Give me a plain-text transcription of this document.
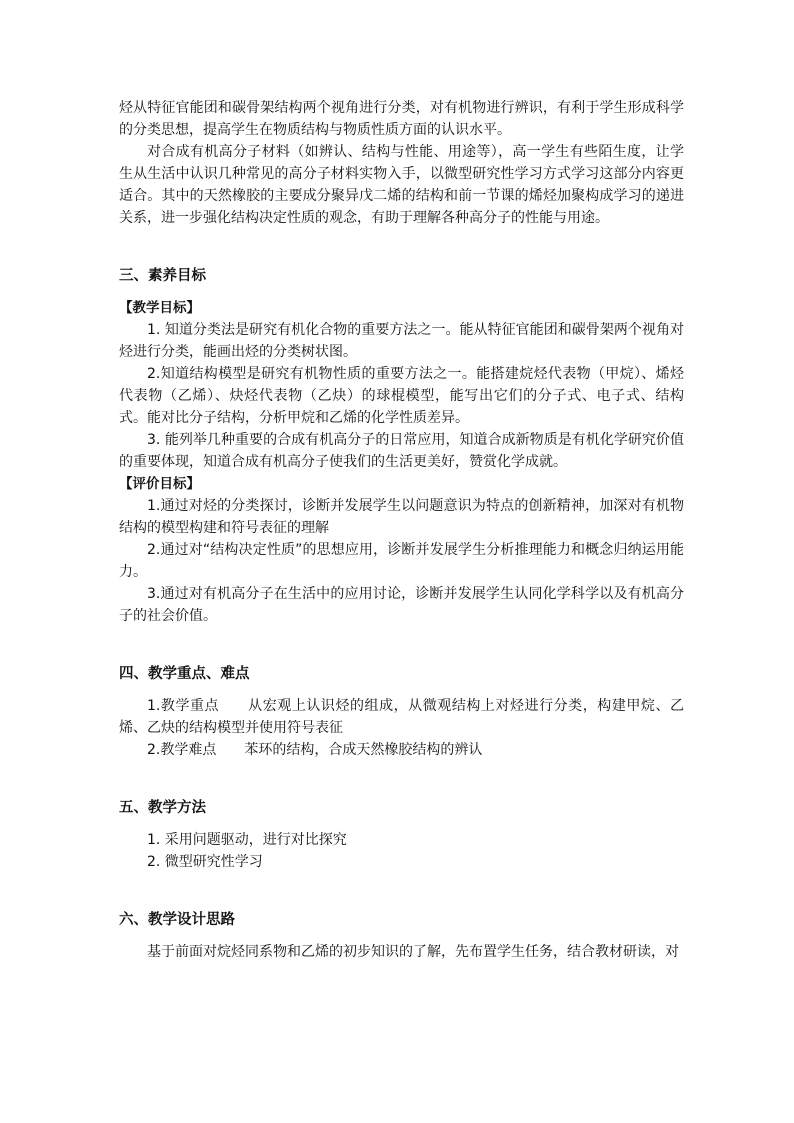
烃从特征官能团和碳骨架结构两个视角进行分类，对有机物进行辨识，有利于学生形成科学的分类思想，提高学生在物质结构与物质性质方面的认识水平。

对合成有机高分子材料（如辨认、结构与性能、用途等），高一学生有些陌生度，让学生从生活中认识几种常见的高分子材料实物入手，以微型研究性学习方式学习这部分内容更适合。其中的天然橡胶的主要成分聚异戊二烯的结构和前一节课的烯烃加聚构成学习的递进关系，进一步强化结构决定性质的观念，有助于理解各种高分子的性能与用途。

三、素养目标

【教学目标】

1. 知道分类法是研究有机化合物的重要方法之一。能从特征官能团和碳骨架两个视角对烃进行分类，能画出烃的分类树状图。

2.知道结构模型是研究有机物性质的重要方法之一。能搭建烷烃代表物（甲烷）、烯烃代表物（乙烯）、炔烃代表物（乙炔）的球棍模型，能写出它们的分子式、电子式、结构式。能对比分子结构，分析甲烷和乙烯的化学性质差异。

3. 能列举几种重要的合成有机高分子的日常应用，知道合成新物质是有机化学研究价值的重要体现，知道合成有机高分子使我们的生活更美好，赞赏化学成就。

【评价目标】

1.通过对烃的分类探讨，诊断并发展学生以问题意识为特点的创新精神，加深对有机物结构的模型构建和符号表征的理解

2.通过对“结构决定性质”的思想应用，诊断并发展学生分析推理能力和概念归纳运用能力。

3.通过对有机高分子在生活中的应用讨论，诊断并发展学生认同化学科学以及有机高分子的社会价值。

四、教学重点、难点

1.教学重点　　从宏观上认识烃的组成，从微观结构上对烃进行分类，构建甲烷、乙烯、乙炔的结构模型并使用符号表征

2.教学难点　　苯环的结构，合成天然橡胶结构的辨认

五、教学方法

1. 采用问题驱动，进行对比探究

2. 微型研究性学习

六、教学设计思路

基于前面对烷烃同系物和乙烯的初步知识的了解，先布置学生任务，结合教材研读，对
